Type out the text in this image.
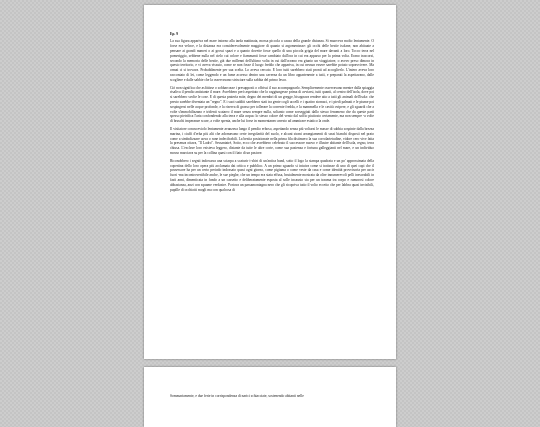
Ep. 9

La sua figura appariva nel mare intorno alla tarda mattinata, mossa piccola a causa della grande distanza. Si muoveva molto lentamente. O forse era veloce, e la distanza era considerevolmente maggiore di quanto si argomentasse: gli occhi delle bestie isolane, non abituate a pensare ai grandi numeri o ai grossi spazi e a quanto dovette fosse quello di una piccola grigia del mare davanti a loro. Tocco terra nel pomeriggio, sebbene nulla nel cielo cui colore e fiammanti fosse cambiato dall'ora in cui era apparso per la prima volta. Erano trascorsi, secondo la memoria delle bestie, già due millenni dell'ultimo volta in cui dall'oceano era giunto un viaggiatore, o avevo preso dimora in questo territorio, e vi aveva vissuto, come se non fosse il luogo freddo che appariva, in cui nessun essere sarebbe potuto sopravvivere. Ma ormai ci si trovava. Probabilmente per sua scelta. Lo aveva cercato. E loro tutti sarebbero stati pronti ad accoglierlo. L'intero aveva loro raccontato di lei, come leggendo e un fume accesso dentro una caverna da un libro appartenente a tutti, e preparati la aspettavano, dalle scogliere e dalle sabbie che la osservavano strisciare sulla sabbia del primo lesco.

Ciò non significa che asfittisse o sobbarcasse i presupposti o offrissi il suo accompagnarlo. Semplicemente osservavano mentre dalla spiaggia risaliva il pendio antistante il mare. Avrebbero però aspettato che lo raggiungesse prima di avviarsi, tutti quanti, al centro dell'isola, dove poi si sarebbero svolte le cose. E di questa praterìa mite, degno dei membri di un gregge, bisognava rendere atto a tutti gli animali dell'isola: che presto sarebbe diventata un "regno". E i suoi sudditi sarebbero stati tra gente cogli uccelli e i quattro stomaci, e i piedi palmati e le piume poi sospingersi nelle acque profonde, e la riserva di grasso per tollerare la corrente fredda, e la mammella e le cavità ovipere, e gli sguardi che a volte s'immobilizzano e tridenti scatarro il mare senza sempre nulla, soltanto come sorseggiati dallo stesso fenomeno che da queste parti spesso pietrifica l'aria confondendo alla terra e alla acqua: lo stesso colore del vento dal soffio piuttosto certamente, ma non sempre -a volte di bruschi imperanze scure, a volte spenta, anche lui forse in momentaneo arresto ad ammirare estatico la onde.

Il visitatore conosceviolo lentamente avanzava lungo il pendio erboso, aspettando senza più voltarsi le masse di sabbia sospinte dalla brezza marina, i ciuffi d'erba più alti che adornavano certe irregolarità del suolo, e alcuni strani arrangiamenti di sassi bianchi disposti nel prato come a simbolizzare uova o rune indecifrabili. La bestia posizionate nella prima fila distinsero la sua corrolarietudine, vidore cero vive fatta la presenza ottava, "Il Ladro". Sessantatrè, Sotto, ecco che avrebbero celebrato il successore nuovo e illustre abitante dell'isola, regno, terra chiusa. L'esclave loro esisteva leggero, distante da tutte le altre corte, come sua pazienza e fortuna galleggianti nel mare, e un individuo mosso marciava su per la collina quasi con il fiato di un pastore.

Riconobbero i segnii indossava una sciarpa a scaturir t-shirt di un'antica band, sotto il logo la stampa quadrata e un po' approssimata della copertina dello loro opera più acclamata dai critica e pubblico. A un primo sguardo si intuiva come si trattasse di uno di quei capi che il possessore ha per un certo periodo indossato quasi ogni giorno, come pigiama o come veste da casa e come identità provvisoria per uscir fuori -ma incontrovertibile anche, le sue pieghe, che un tempo era stata effusa, brutalmente mostrata da oltre innumerevoli pelli inesorabili in fasti anni, dimenticata in fondo a un cassetto e deliberatamente esposta al solle incausto sia per un trauma tra corpo e rumorosi colore abbastanza, anzi con squame verdastre. Portava un passamontagna nero che gli ricopriva tutto il volto eccetto che per labbra quasi invisibili, pupille di occhiotti mogli ma con qualcosa di

Sommariamente, e due ferie in corrispondenza di narici schiacciate, sostenendo abitanti nelle
